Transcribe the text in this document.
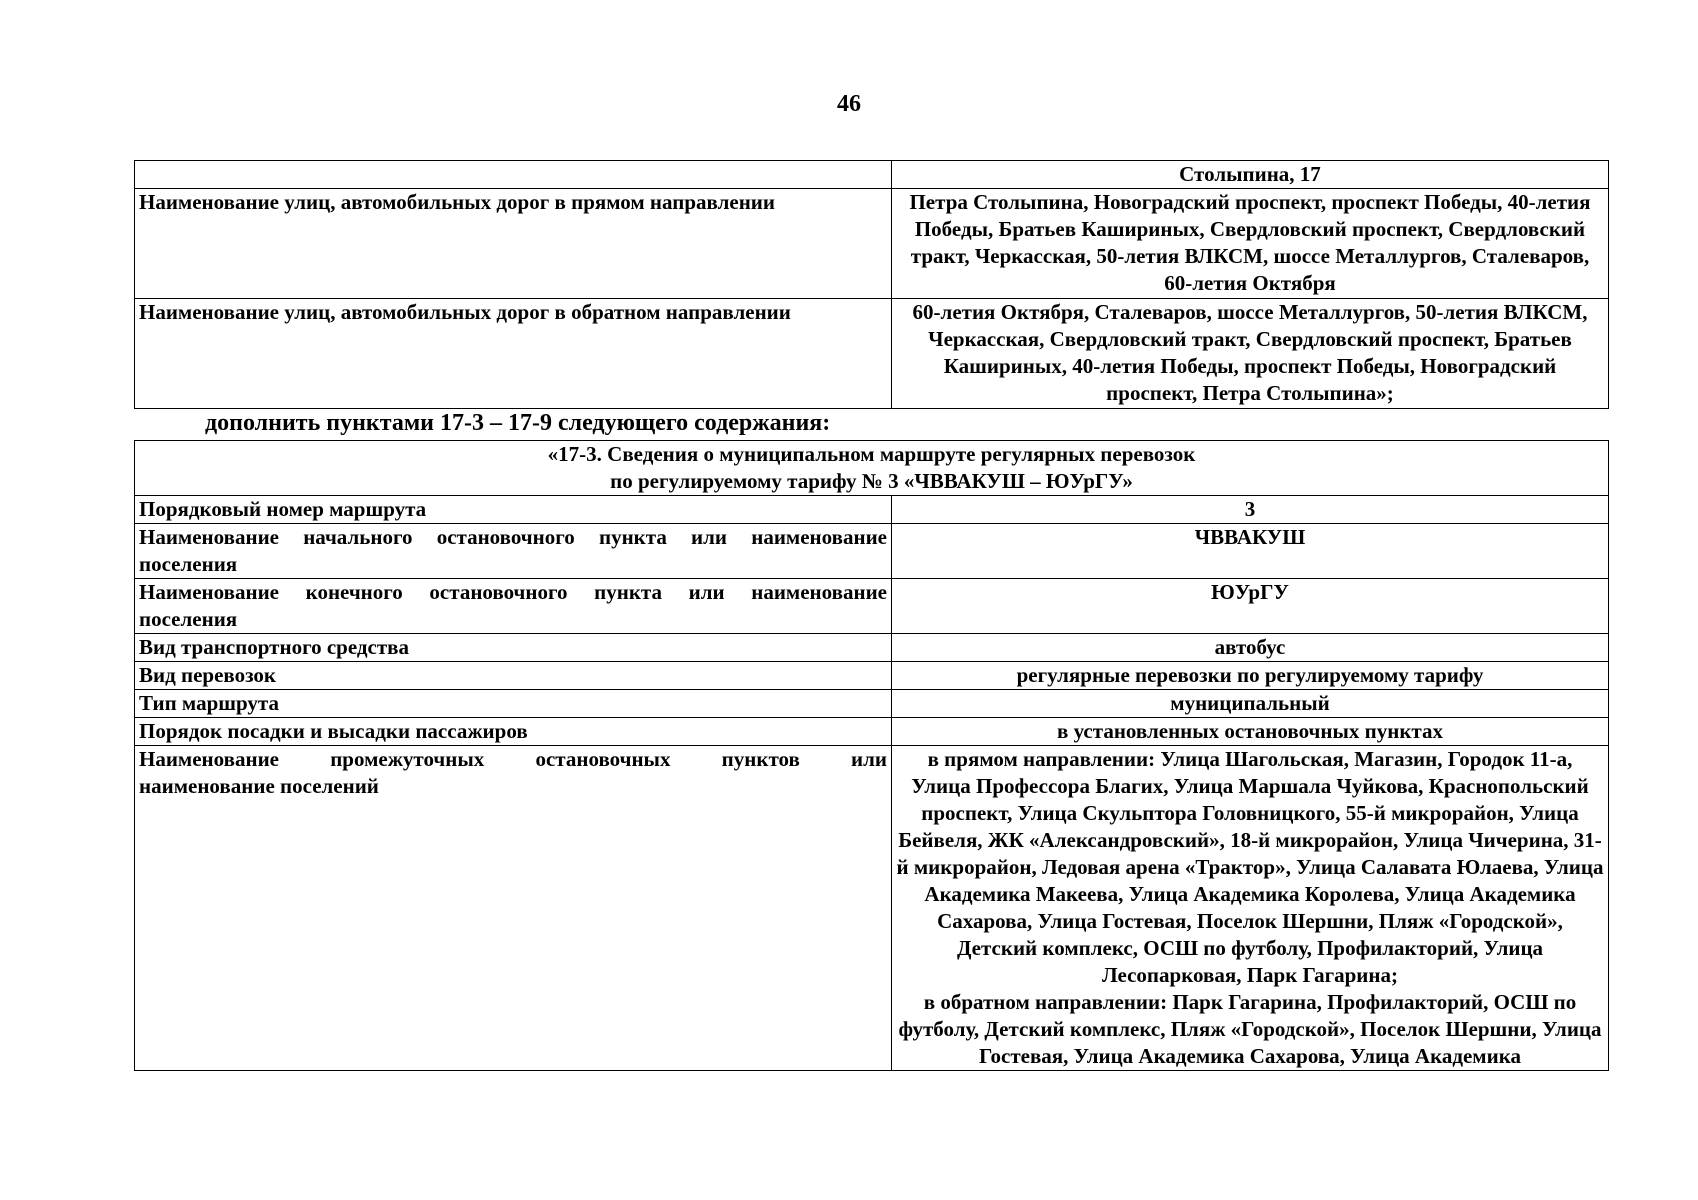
46
	Столыпина, 17
Наименование улиц, автомобильных дорог в прямом направлении	Петра Столыпина, Новоградский проспект, проспект Победы, 40-летия Победы, Братьев Кашириных, Свердловский проспект, Свердловский тракт, Черкасская, 50-летия ВЛКСМ, шоссе Металлургов, Сталеваров, 60-летия Октября
Наименование улиц, автомобильных дорог в обратном направлении	60-летия Октября, Сталеваров, шоссе Металлургов, 50-летия ВЛКСМ, Черкасская, Свердловский тракт, Свердловский проспект, Братьев Кашириных, 40-летия Победы, проспект Победы, Новоградский проспект, Петра Столыпина»;
дополнить пунктами 17-3 – 17-9 следующего содержания:
«17-3. Сведения о муниципальном маршруте регулярных перевозок
по регулируемому тарифу № 3 «ЧВВАКУШ – ЮУрГУ»	

Порядковый номер маршрута	3

Наименование начального остановочного пункта или наименование
поселения	ЧВВАКУШ

Наименование конечного остановочного пункта или наименование
поселения	ЮУрГУ
Вид транспортного средства	автобус
Вид перевозок	регулярные перевозки по регулируемому тарифу
Тип маршрута	муниципальный
Порядок посадки и высадки пассажиров	в установленных остановочных пунктах

Наименование промежуточных остановочных пунктов или
наименование поселений	в прямом направлении: Улица Шагольская, Магазин, Городок 11-а, Улица Профессора Благих, Улица Маршала Чуйкова, Краснопольский проспект, Улица Скульптора Головницкого, 55-й микрорайон, Улица Бейвеля, ЖК «Александровский», 18-й микрорайон, Улица Чичерина, 31-й микрорайон, Ледовая арена «Трактор», Улица Салавата Юлаева, Улица Академика Макеева, Улица Академика Королева, Улица Академика Сахарова, Улица Гостевая, Поселок Шершни, Пляж «Городской», Детский комплекс, ОСШ по футболу, Профилакторий, Улица Лесопарковая, Парк Гагарина;
в обратном направлении: Парк Гагарина, Профилакторий, ОСШ по футболу, Детский комплекс, Пляж «Городской», Поселок Шершни, Улица Гостевая, Улица Академика Сахарова, Улица Академика
